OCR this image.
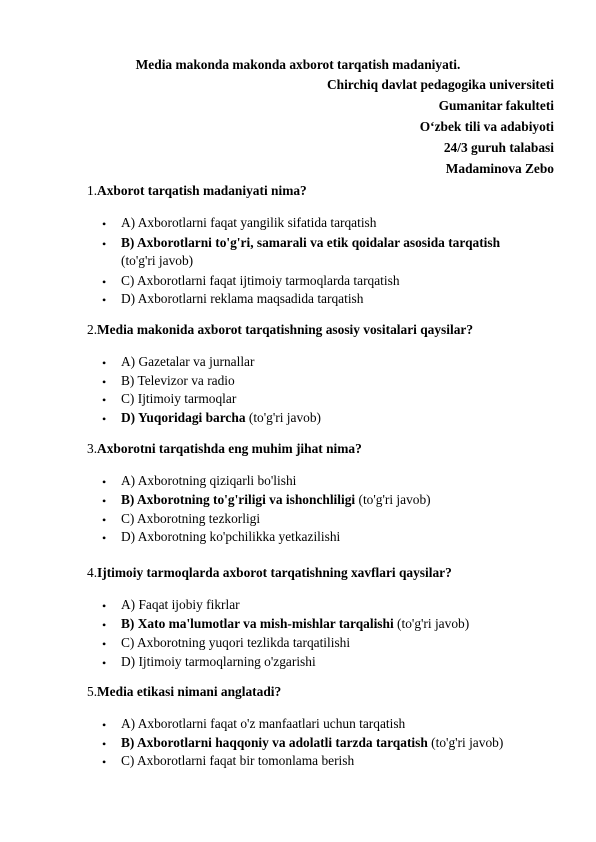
Media makonda makonda axborot tarqatish madaniyati.
Chirchiq davlat pedagogika universiteti
Gumanitar fakulteti
O‘zbek tili va adabiyoti
24/3 guruh talabasi
Madaminova Zebo
1.Axborot tarqatish madaniyati nima?
• A) Axborotlarni faqat yangilik sifatida tarqatish
• B) Axborotlarni to'g'ri, samarali va etik qoidalar asosida tarqatish
(to'g'ri javob)
• C) Axborotlarni faqat ijtimoiy tarmoqlarda tarqatish
• D) Axborotlarni reklama maqsadida tarqatish
2.Media makonida axborot tarqatishning asosiy vositalari qaysilar?
• A) Gazetalar va jurnallar
• B) Televizor va radio
• C) Ijtimoiy tarmoqlar
• D) Yuqoridagi barcha (to'g'ri javob)
3.Axborotni tarqatishda eng muhim jihat nima?
• A) Axborotning qiziqarli bo'lishi
• B) Axborotning to'g'riligi va ishonchliligi (to'g'ri javob)
• C) Axborotning tezkorligi
• D) Axborotning ko'pchilikka yetkazilishi
4.Ijtimoiy tarmoqlarda axborot tarqatishning xavflari qaysilar?
• A) Faqat ijobiy fikrlar
• B) Xato ma'lumotlar va mish-mishlar tarqalishi (to'g'ri javob)
• C) Axborotning yuqori tezlikda tarqatilishi
• D) Ijtimoiy tarmoqlarning o'zgarishi
5.Media etikasi nimani anglatadi?
• A) Axborotlarni faqat o'z manfaatlari uchun tarqatish
• B) Axborotlarni haqqoniy va adolatli tarzda tarqatish (to'g'ri javob)
• C) Axborotlarni faqat bir tomonlama berish
